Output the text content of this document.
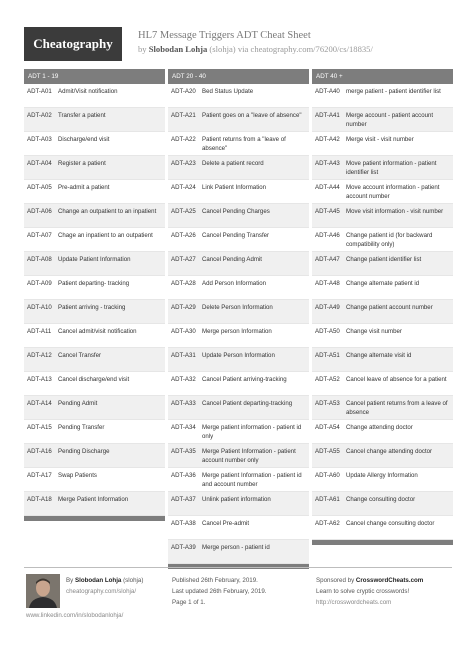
Cheatography
HL7 Message Triggers ADT Cheat Sheet
by Slobodan Lohja (slohja) via cheatography.com/76200/cs/18835/
ADT 1 - 19
ADT-A01	Admit/Visit notification
ADT-A02	Transfer a patient
ADT-A03	Discharge/end visit
ADT-A04	Register a patient
ADT-A05	Pre-admit a patient
ADT-A06	Change an outpatient to an inpatient
ADT-A07	Chage an inpatient to an outpatient
ADT-A08	Update Patient Information
ADT-A09	Patient departing- tracking
ADT-A10	Patient arriving - tracking
ADT-A11	Cancel admit/visit notification
ADT-A12	Cancel Transfer
ADT-A13	Cancel discharge/end visit
ADT-A14	Pending Admit
ADT-A15	Pending Transfer
ADT-A16	Pending Discharge
ADT-A17	Swap Patients
ADT-A18	Merge Patient Information
ADT 20 - 40
ADT-A20	Bed Status Update
ADT-A21	Patient goes on a "leave of absence"
ADT-A22	Patient returns from a "leave of absence"
ADT-A23	Delete a patient record
ADT-A24	Link Patient Information
ADT-A25	Cancel Pending Charges
ADT-A26	Cancel Pending Transfer
ADT-A27	Cancel Pending Admit
ADT-A28	Add Person Information
ADT-A29	Delete Person Information
ADT-A30	Merge person Information
ADT-A31	Update Person Information
ADT-A32	Cancel Patient arriving-tracking
ADT-A33	Cancel Patient departing-tracking
ADT-A34	Merge patient information - patient id only
ADT-A35	Merge Patient Information - patient account number only
ADT-A36	Merge patient Information - patient id and account number
ADT-A37	Unlink patient information
ADT-A38	Cancel Pre-admit
ADT-A39	Merge person - patient id
ADT 40 +
ADT-A40	merge patient - patient identifier list
ADT-A41	Merge account - patient account number
ADT-A42	Merge visit - visit number
ADT-A43	Move patient information - patient identifier list
ADT-A44	Move account information - patient account number
ADT-A45	Move visit information - visit number
ADT-A46	Change patient id (for backward compatibility only)
ADT-A47	Change patient identifier list
ADT-A48	Change alternate patient id
ADT-A49	Change patient account number
ADT-A50	Change visit number
ADT-A51	Change alternate visit id
ADT-A52	Cancel leave of absence for a patient
ADT-A53	Cancel patient returns from a leave of absence
ADT-A54	Change attending doctor
ADT-A55	Cancel change attending doctor
ADT-A60	Update Allergy Information
ADT-A61	Change consulting doctor
ADT-A62	Cancel change consulting doctor
By Slobodan Lohja (slohja)
cheatography.com/slohja/
www.linkedin.com/in/slobodanlohja/
Published 26th February, 2019.
Last updated 26th February, 2019.
Page 1 of 1.
Sponsored by CrosswordCheats.com
Learn to solve cryptic crosswords!
http://crosswordcheats.com
